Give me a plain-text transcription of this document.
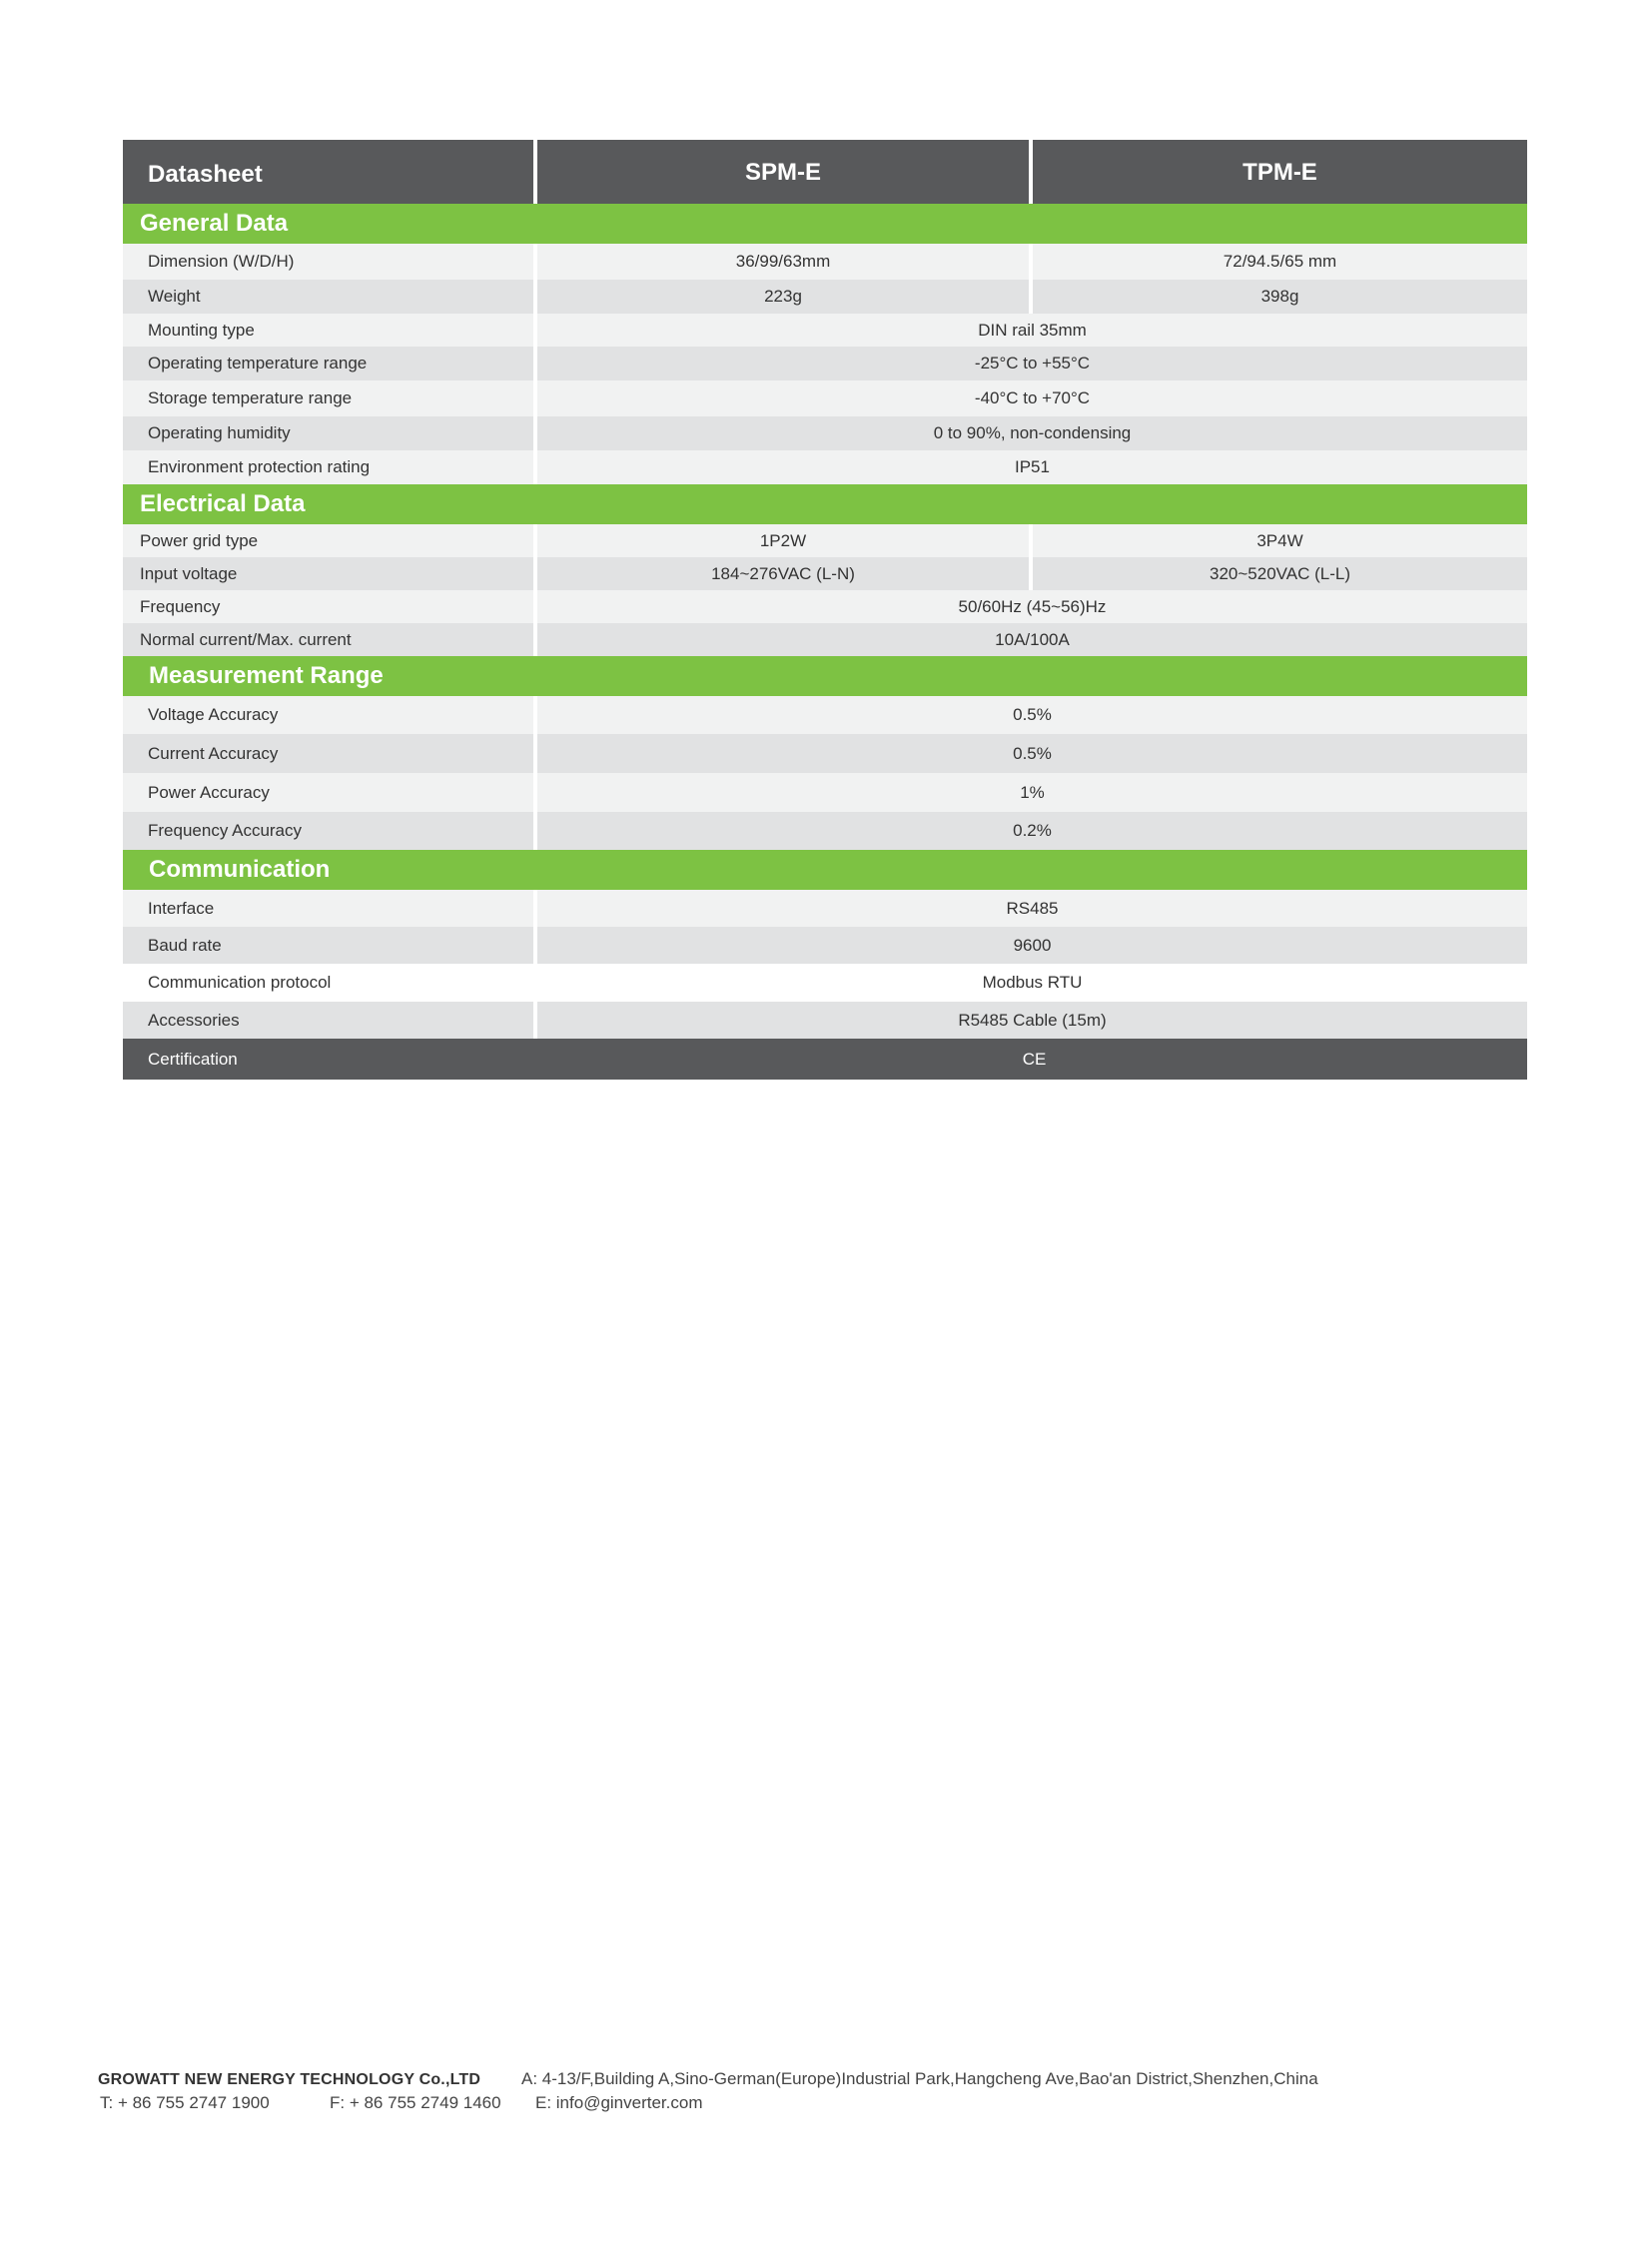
Datasheet	SPM-E	TPM-E
General Data
Dimension (W/D/H)	36/99/63mm	72/94.5/65 mm
Weight	223g	398g
Mounting type	DIN rail 35mm
Operating temperature range	-25°C to +55°C
Storage temperature range	-40°C to +70°C
Operating humidity	0 to 90%, non-condensing
Environment protection rating	IP51
Electrical Data
Power grid type	1P2W	3P4W
Input voltage	184~276VAC (L-N)	320~520VAC (L-L)
Frequency	50/60Hz (45~56)Hz
Normal current/Max. current	10A/100A
Measurement Range
Voltage Accuracy	0.5%
Current Accuracy	0.5%
Power Accuracy	1%
Frequency Accuracy	0.2%
Communication
Interface	RS485
Baud rate	9600
Communication protocol	Modbus RTU
Accessories	R5485 Cable (15m)
Certification	CE
GROWATT NEW ENERGY TECHNOLOGY Co.,LTD	A: 4-13/F,Building A,Sino-German(Europe)Industrial Park,Hangcheng Ave,Bao'an District,Shenzhen,China
T: + 86 755 2747 1900	F: + 86 755 2749 1460	E: info@ginverter.com
